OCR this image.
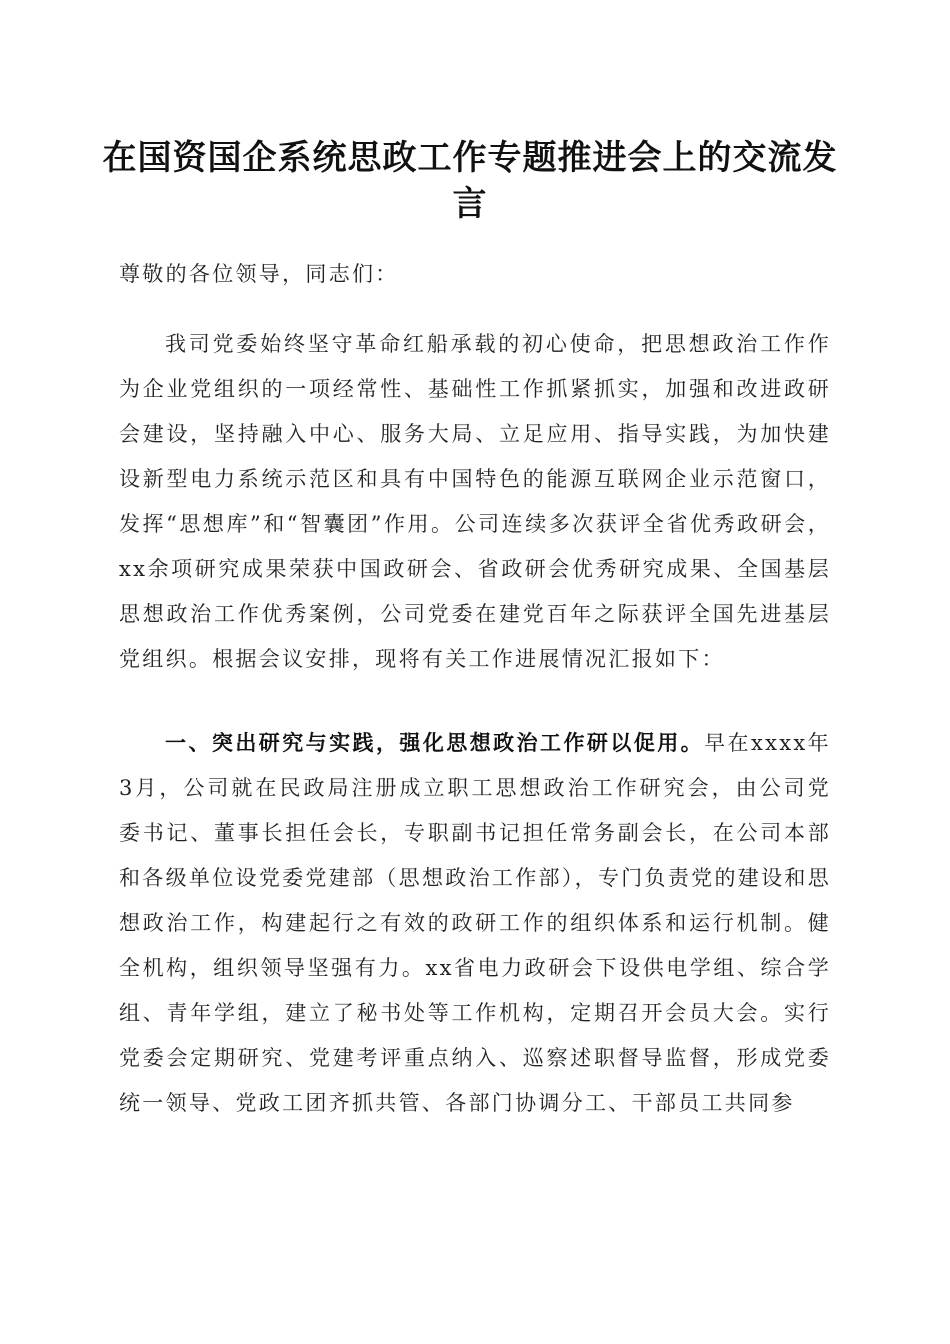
在国资国企系统思政工作专题推进会上的交流发言
尊敬的各位领导，同志们：
我司党委始终坚守革命红船承载的初心使命，把思想政治工作作为企业党组织的一项经常性、基础性工作抓紧抓实，加强和改进政研会建设，坚持融入中心、服务大局、立足应用、指导实践，为加快建设新型电力系统示范区和具有中国特色的能源互联网企业示范窗口，发挥“思想库”和“智囊团”作用。公司连续多次获评全省优秀政研会，xx余项研究成果荣获中国政研会、省政研会优秀研究成果、全国基层思想政治工作优秀案例，公司党委在建党百年之际获评全国先进基层党组织。根据会议安排，现将有关工作进展情况汇报如下：
一、突出研究与实践，强化思想政治工作研以促用。早在xxxx年3月，公司就在民政局注册成立职工思想政治工作研究会，由公司党委书记、董事长担任会长，专职副书记担任常务副会长，在公司本部和各级单位设党委党建部（思想政治工作部），专门负责党的建设和思想政治工作，构建起行之有效的政研工作的组织体系和运行机制。健全机构，组织领导坚强有力。xx省电力政研会下设供电学组、综合学组、青年学组，建立了秘书处等工作机构，定期召开会员大会。实行党委会定期研究、党建考评重点纳入、巡察述职督导监督，形成党委统一领导、党政工团齐抓共管、各部门协调分工、干部员工共同参
